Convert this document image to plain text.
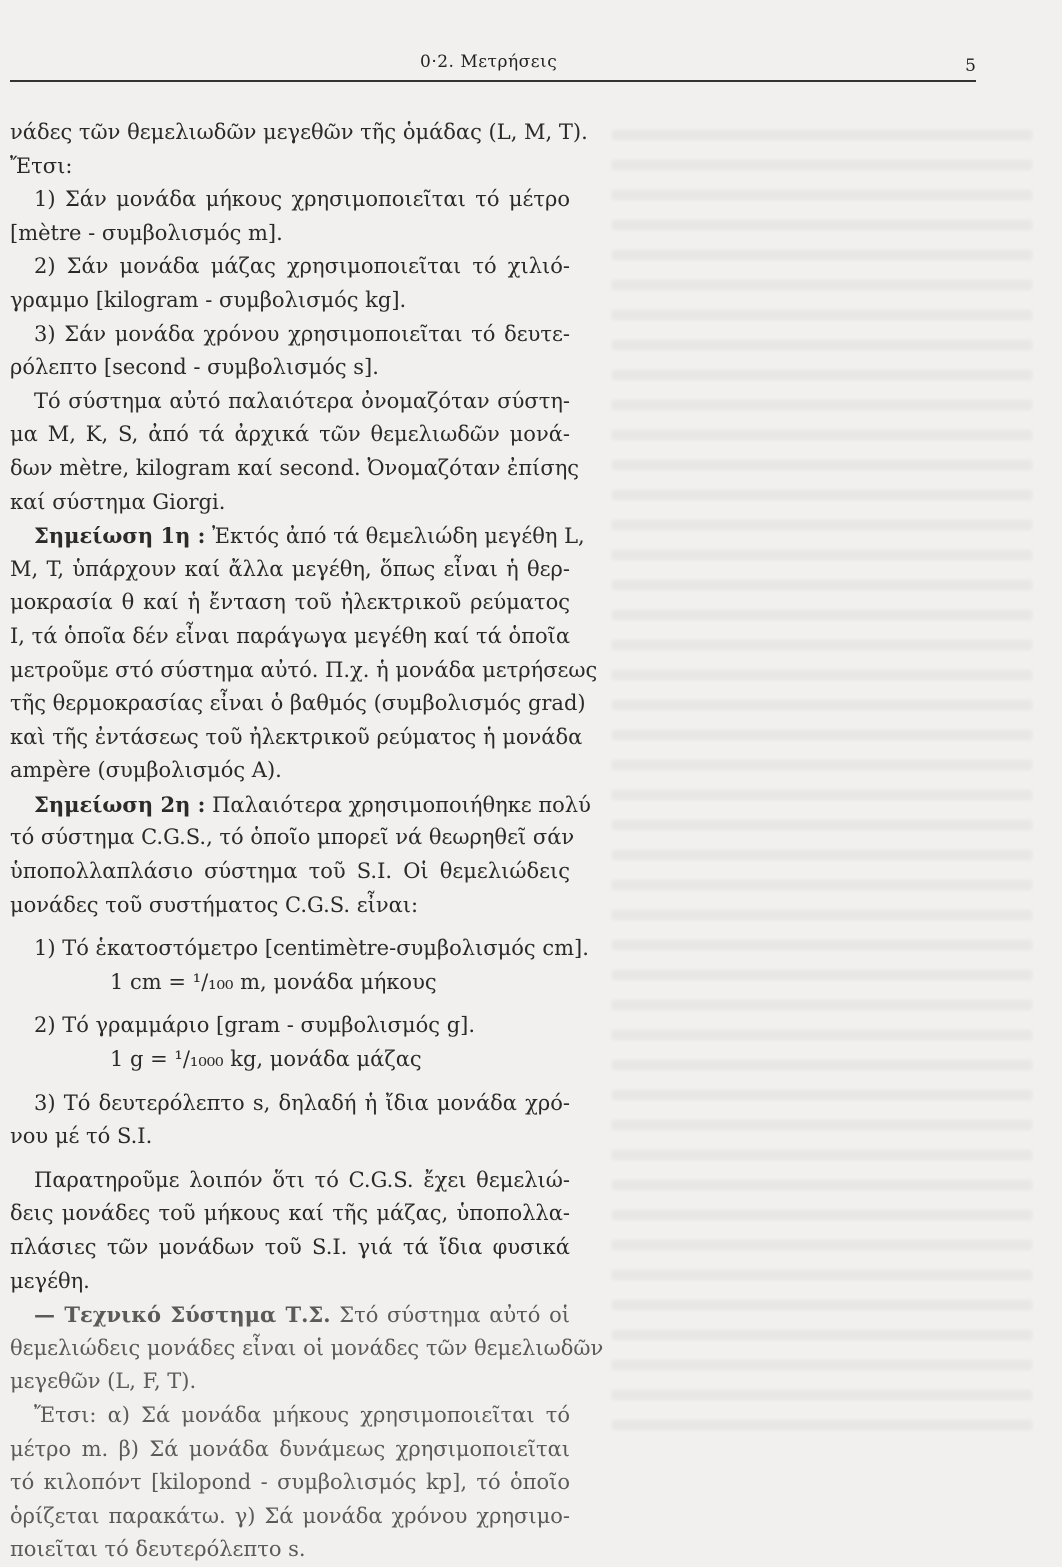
0·2. Μετρήσεις	5
νάδες τῶν θεμελιωδῶν μεγεθῶν τῆς ὁμάδας (L, M, T).
Ἔτσι:
1) Σάν μονάδα μήκους χρησιμοποιεῖται τό μέτρο
[mètre - συμβολισμός m].
2) Σάν μονάδα μάζας χρησιμοποιεῖται τό χιλιό-
γραμμο [kilogram - συμβολισμός kg].
3) Σάν μονάδα χρόνου χρησιμοποιεῖται τό δευτε-
ρόλεπτο [second - συμβολισμός s].
Τό σύστημα αὐτό παλαιότερα ὀνομαζόταν σύστη-
μα M, K, S, ἀπό τά ἀρχικά τῶν θεμελιωδῶν μονά-
δων mètre, kilogram καί second. Ὀνομαζόταν ἐπίσης
καί σύστημα Giorgi.
Σημείωση 1η : Ἐκτός ἀπό τά θεμελιώδη μεγέθη L,
M, T, ὑπάρχουν καί ἄλλα μεγέθη, ὅπως εἶναι ἡ θερ-
μοκρασία θ καί ἡ ἔνταση τοῦ ἠλεκτρικοῦ ρεύματος
I, τά ὁποῖα δέν εἶναι παράγωγα μεγέθη καί τά ὁποῖα
μετροῦμε στό σύστημα αὐτό. Π.χ. ἡ μονάδα μετρήσεως
τῆς θερμοκρασίας εἶναι ὁ βαθμός (συμβολισμός grad)
καὶ τῆς ἐντάσεως τοῦ ἠλεκτρικοῦ ρεύματος ἡ μονάδα
ampère (συμβολισμός A).
Σημείωση 2η : Παλαιότερα χρησιμοποιήθηκε πολύ
τό σύστημα C.G.S., τό ὁποῖο μπορεῖ νά θεωρηθεῖ σάν
ὑποπολλαπλάσιο σύστημα τοῦ S.I. Οἱ θεμελιώδεις
μονάδες τοῦ συστήματος C.G.S. εἶναι:
1) Τό ἑκατοστόμετρο [centimètre-συμβολισμός cm].
1 cm = ¹/₁₀₀ m, μονάδα μήκους
2) Τό γραμμάριο [gram - συμβολισμός g].
1 g = ¹/₁₀₀₀ kg, μονάδα μάζας
3) Τό δευτερόλεπτο s, δηλαδή ἡ ἴδια μονάδα χρό-
νου μέ τό S.I.
Παρατηροῦμε λοιπόν ὅτι τό C.G.S. ἔχει θεμελιώ-
δεις μονάδες τοῦ μήκους καί τῆς μάζας, ὑποπολλα-
πλάσιες τῶν μονάδων τοῦ S.I. γιά τά ἴδια φυσικά
μεγέθη.
— Τεχνικό Σύστημα Τ.Σ. Στό σύστημα αὐτό οἱ
θεμελιώδεις μονάδες εἶναι οἱ μονάδες τῶν θεμελιωδῶν
μεγεθῶν (L, F, T).
Ἔτσι: α) Σά μονάδα μήκους χρησιμοποιεῖται τό
μέτρο m. β) Σά μονάδα δυνάμεως χρησιμοποιεῖται
τό κιλοπόντ [kilopond - συμβολισμός kp], τό ὁποῖο
ὁρίζεται παρακάτω. γ) Σά μονάδα χρόνου χρησιμο-
ποιεῖται τό δευτερόλεπτο s.
